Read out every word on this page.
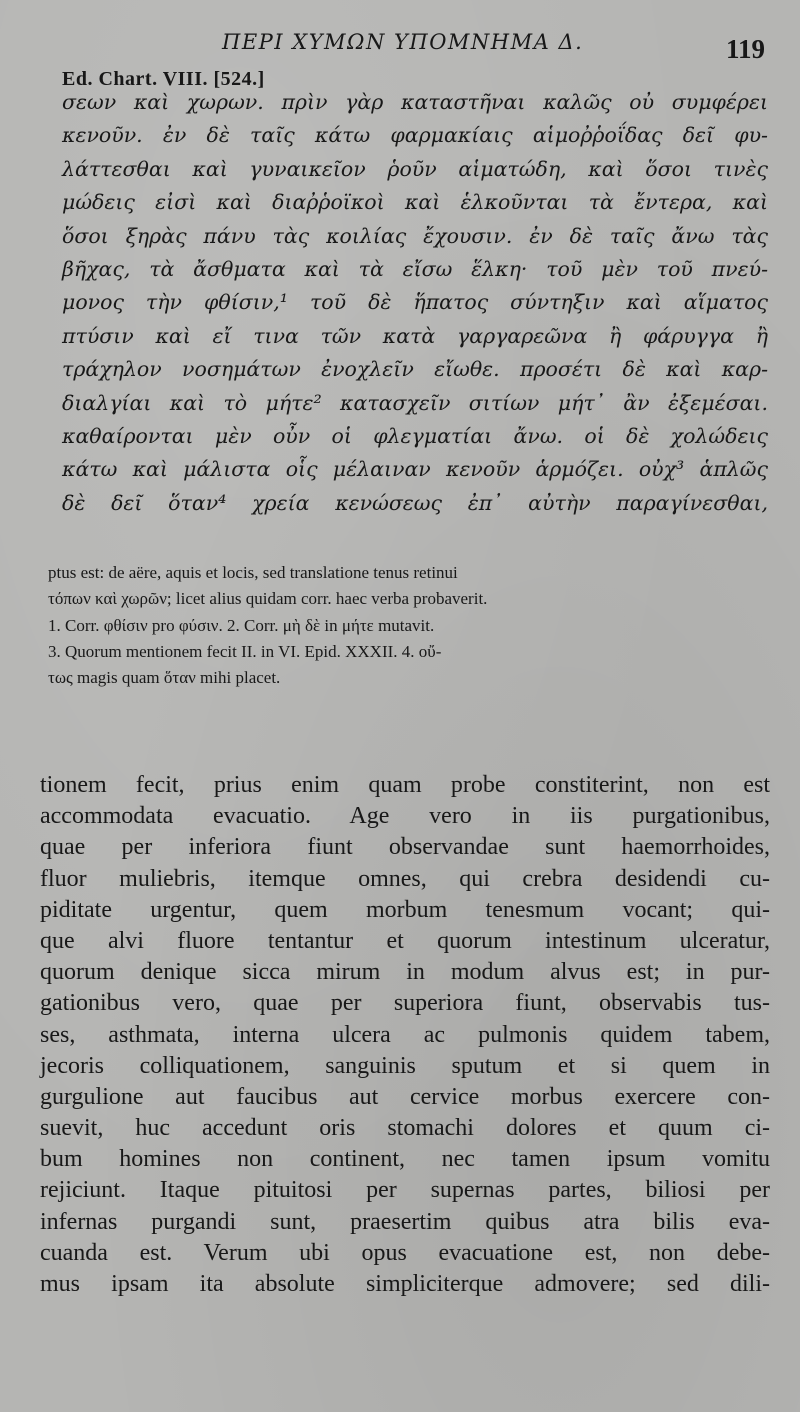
ΠΕΡΙ ΧΥΜΩΝ ΥΠΟΜΝΗΜΑ Δ.	119
Ed. Chart. VIII. [524.]
σεων καὶ χωρων. πρὶν γὰρ καταστῆναι καλῶς οὐ συμφέρει
κενοῦν. ἐν δὲ ταῖς κάτω φαρμακίαις αἱμοῤῥοΐδας δεῖ φυ-
λάττεσθαι καὶ γυναικεῖον ῥοῦν αἱματώδη, καὶ ὅσοι τινὲς
μώδεις εἰσὶ καὶ διαῤῥοϊκοὶ καὶ ἑλκοῦνται τὰ ἔντερα, καὶ
ὅσοι ξηρὰς πάνυ τὰς κοιλίας ἔχουσιν. ἐν δὲ ταῖς ἄνω τὰς
βῆχας, τὰ ἄσθματα καὶ τὰ εἴσω ἕλκη· τοῦ μὲν τοῦ πνεύ-
μονος τὴν φθίσιν,¹ τοῦ δὲ ἥπατος σύντηξιν καὶ αἵματος
πτύσιν καὶ εἴ τινα τῶν κατὰ γαργαρεῶνα ἢ φάρυγγα ἢ
τράχηλον νοσημάτων ἐνοχλεῖν εἴωθε. προσέτι δὲ καὶ καρ-
διαλγίαι καὶ τὸ μήτε² κατασχεῖν σιτίων μήτ᾽ ἂν ἐξεμέσαι.
καθαίρονται μὲν οὖν οἱ φλεγματίαι ἄνω. οἱ δὲ χολώδεις
κάτω καὶ μάλιστα οἷς μέλαιναν κενοῦν ἁρμόζει. οὐχ³ ἁπλῶς
δὲ δεῖ ὅταν⁴ χρεία κενώσεως ἐπ᾽ αὐτὴν παραγίνεσθαι,
ptus est: de aëre, aquis et locis, sed translatione tenus retinui
τόπων καὶ χωρῶν; licet alius quidam corr. haec verba probaverit.
1. Corr. φθίσιν pro φύσιν. 2. Corr. μὴ δὲ in μήτε mutavit.
3. Quorum mentionem fecit II. in VI. Epid. XXXII. 4. οὔ-
τως magis quam ὅταν mihi placet.
tionem fecit, prius enim quam probe constiterint, non est
accommodata evacuatio. Age vero in iis purgationibus,
quae per inferiora fiunt observandae sunt haemorrhoides,
fluor muliebris, itemque omnes, qui crebra desidendi cu-
piditate urgentur, quem morbum tenesmum vocant; qui-
que alvi fluore tentantur et quorum intestinum ulceratur,
quorum denique sicca mirum in modum alvus est; in pur-
gationibus vero, quae per superiora fiunt, observabis tus-
ses, asthmata, interna ulcera ac pulmonis quidem tabem,
jecoris colliquationem, sanguinis sputum et si quem in
gurgulione aut faucibus aut cervice morbus exercere con-
suevit, huc accedunt oris stomachi dolores et quum ci-
bum homines non continent, nec tamen ipsum vomitu
rejiciunt. Itaque pituitosi per supernas partes, biliosi per
infernas purgandi sunt, praesertim quibus atra bilis eva-
cuanda est. Verum ubi opus evacuatione est, non debe-
mus ipsam ita absolute simpliciterque admovere; sed dili-
